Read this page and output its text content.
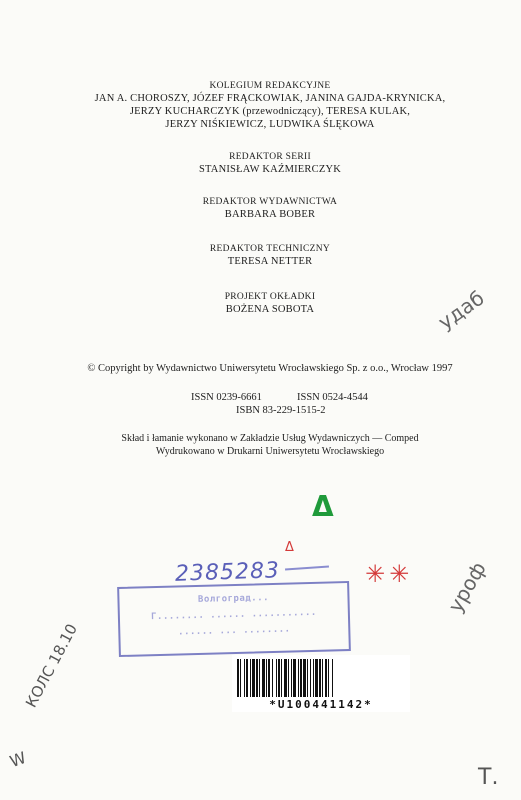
KOLEGIUM REDAKCYJNE
JAN A. CHOROSZY, JÓZEF FRĄCKOWIAK, JANINA GAJDA-KRYNICKA,
JERZY KUCHARCZYK (przewodniczący), TERESA KULAK,
JERZY NIŚKIEWICZ, LUDWIKA ŚLĘKOWA
REDAKTOR SERII
STANISŁAW KAŹMIERCZYK
REDAKTOR WYDAWNICTWA
BARBARA BOBER
REDAKTOR TECHNICZNY
TERESA NETTER
PROJEKT OKŁADKI
BOŻENA SOBOTA
© Copyright by Wydawnictwo Uniwersytetu Wrocławskiego Sp. z o.o., Wrocław 1997
ISSN 0239-6661	ISSN 0524-4544
ISBN 83-229-1515-2
Skład i łamanie wykonano w Zakładzie Usług Wydawniczych — Comped
Wydrukowano w Drukarni Uniwersytetu Wrocławskiego
удаб
Δ
Δ
2385283	✳✳ уроф
Волгоград...
Г........ ...... ...........
...... ... ........
*U100441142*
КОЛС 18.10
W
Т.
